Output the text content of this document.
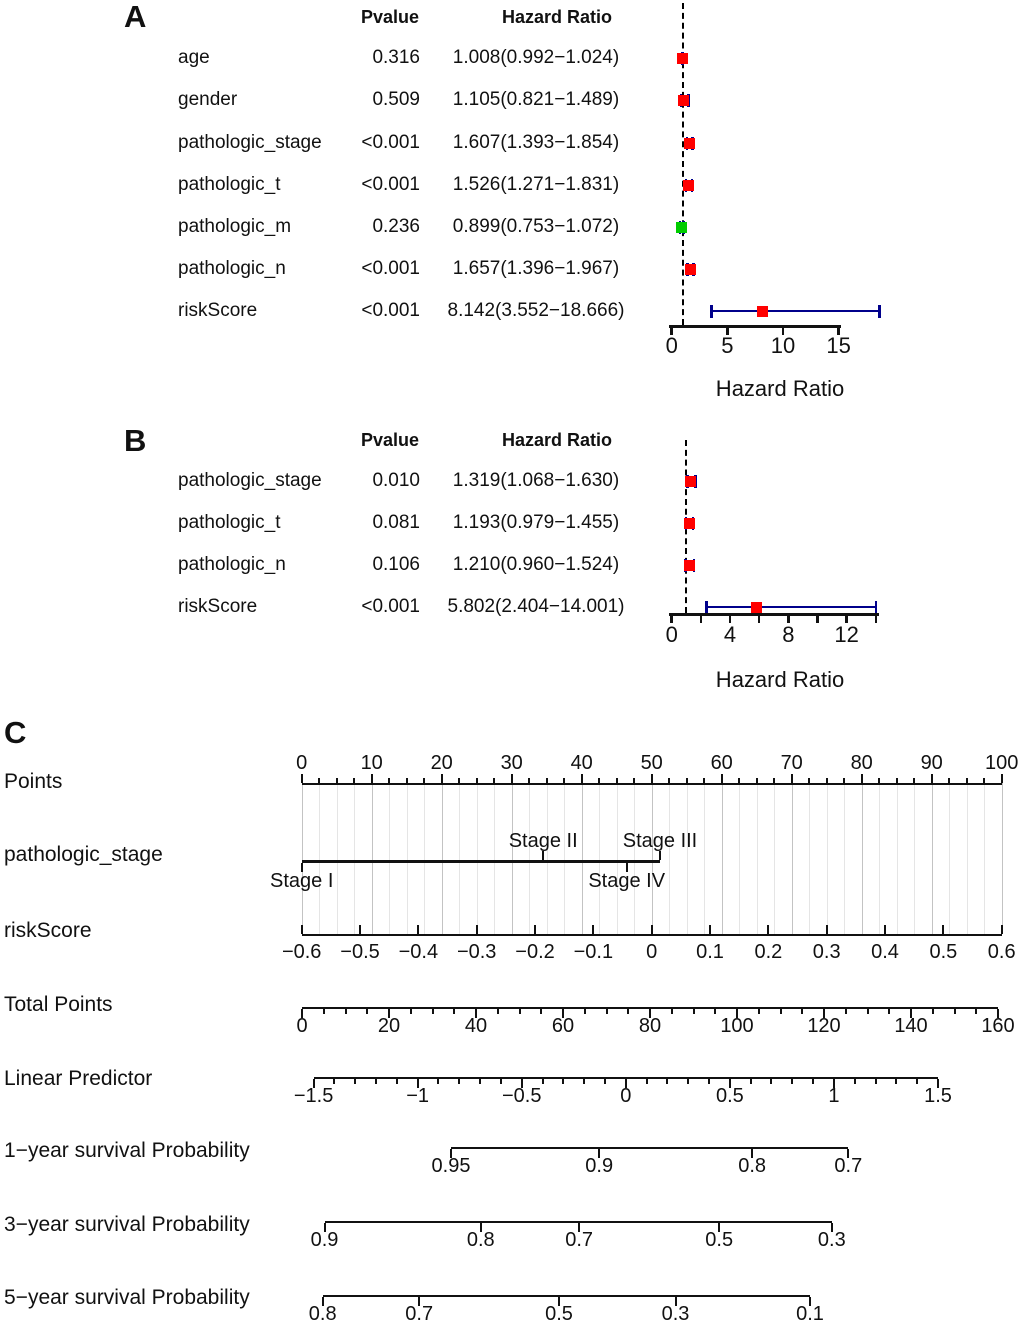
A	Pvalue	Hazard Ratio
Hazard Ratio
B	Pvalue	Hazard Ratio
Hazard Ratio
C
age	0.316	1.008(0.992−1.024)
gender	0.509	1.105(0.821−1.489)
pathologic_stage	<0.001	1.607(1.393−1.854)
pathologic_t	<0.001	1.526(1.271−1.831)
pathologic_m	0.236	0.899(0.753−1.072)
pathologic_n	<0.001	1.657(1.396−1.967)
riskScore	<0.001	8.142(3.552−18.666)
0 5 10 15
pathologic_stage	0.010	1.319(1.068−1.630)
pathologic_t	0.081	1.193(0.979−1.455)
pathologic_n	0.106	1.210(0.960−1.524)
riskScore	<0.001	5.802(2.404−14.001)
0 4 8 12
Points
0	10 20 30 40 50 60 70 80 90 100
pathologic_stage
Stage I
Stage II
Stage IV
Stage III
riskScore
−0.6 −0.5 −0.4 −0.3 −0.2 −0.1 0 0.1 0.2 0.3 0.4 0.5 0.6
Total Points
0	20	40	60	80	100	120	140	160
Linear Predictor
−1.5	−1	−0.5	0	0.5	1	1.5
1−year survival Probability
0.95	0.9	0.8	0.7
3−year survival Probability
0.9	0.8	0.7	0.5	0.3
5−year survival Probability
0.8	0.7	0.5	0.3	0.1
